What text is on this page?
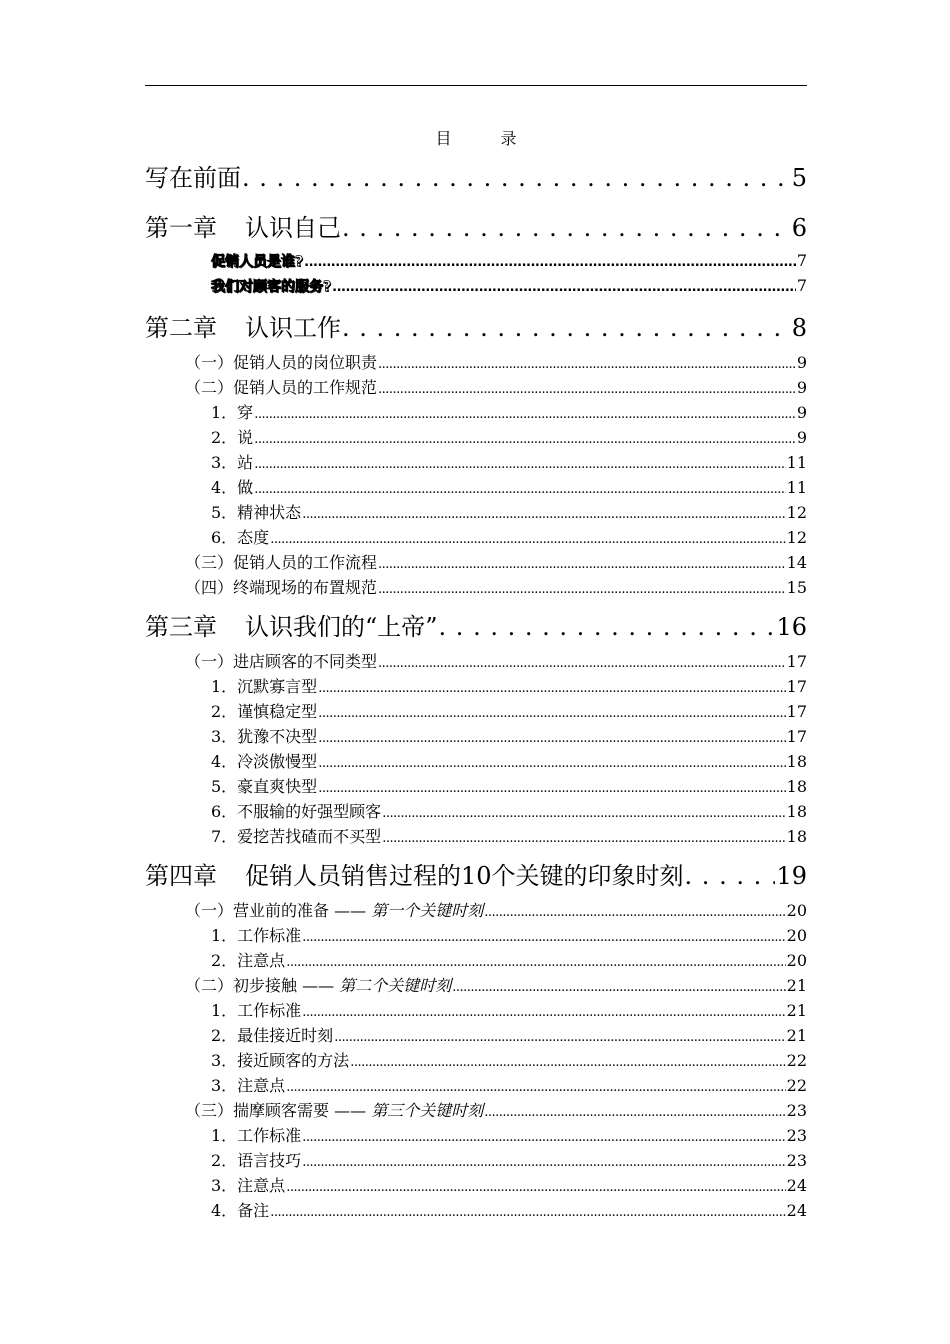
目	录
写在前面 . . .	5
第一章 认识自己 . . .	6
促销人员是谁? .....	7
我们对顾客的服务? .....	7
第二章 认识工作 . . .	8
（一）促销人员的岗位职责 .....	9
（二）促销人员的工作规范 .....	9
1．穿 .....	9
2．说 .....	9
3．站 .....	11
4．做 .....	11
5．精神状态 .....	12
6．态度 .....	12
（三）促销人员的工作流程 .....	14
（四）终端现场的布置规范 .....	15
第三章 认识我们的“上帝” . . .	16
（一）进店顾客的不同类型 .....	17
1．沉默寡言型 .....	17
2．谨慎稳定型 .....	17
3．犹豫不决型 .....	17
4．冷淡傲慢型 .....	18
5．豪直爽快型 .....	18
6．不服输的好强型顾客 .....	18
7．爱挖苦找碴而不买型 .....	18
第四章 促销人员销售过程的10个关键的印象时刻 . . .	19
（一）营业前的准备 —— 第一个关键时刻 .....	20
1．工作标准 .....	20
2．注意点 .....	20
（二）初步接触 —— 第二个关键时刻 .....	21
1．工作标准 .....	21
2．最佳接近时刻 .....	21
3．接近顾客的方法 .....	22
3．注意点 .....	22
（三）揣摩顾客需要 —— 第三个关键时刻 .....	23
1．工作标准 .....	23
2．语言技巧 .....	23
3．注意点 .....	24
4．备注 .....	24
